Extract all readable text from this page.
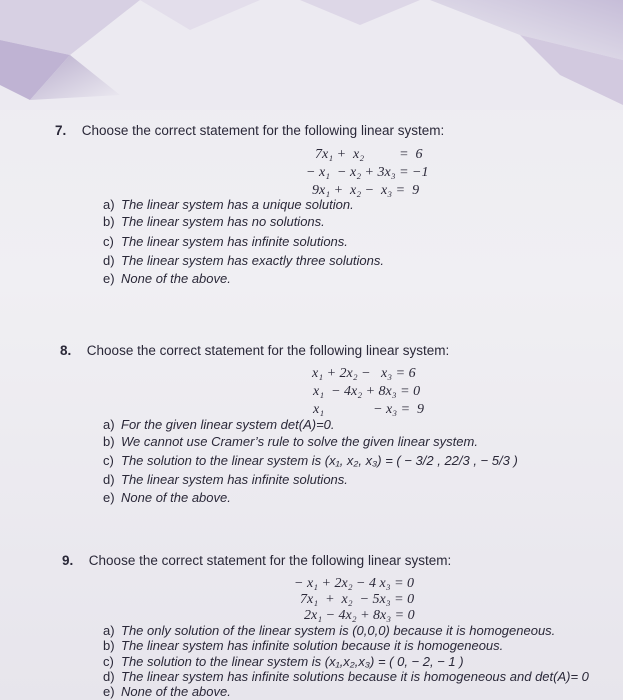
7. Choose the correct statement for the following linear system:
7x₁ +  x₂          =  6
− x₁  − x₂ + 3x₃ = −1
9x₁ +  x₂ −  x₃ =  9
a) The linear system has a unique solution.
b) The linear system has no solutions.
c) The linear system has infinite solutions.
d) The linear system has exactly three solutions.
e) None of the above.
8. Choose the correct statement for the following linear system:
x₁ + 2x₂ −   x₃ = 6
x₁  − 4x₂ + 8x₃ = 0
x₁              − x₃ =  9
a) For the given linear system det(A)=0.
b) We cannot use Cramer’s rule to solve the given linear system.
c) The solution to the linear system is (x₁, x₂, x₃) = ( − 3/2 , 22/3 , − 5/3 )
d) The linear system has infinite solutions.
e) None of the above.
9. Choose the correct statement for the following linear system:
− x₁ + 2x₂ − 4 x₃ = 0
7x₁  +  x₂  − 5x₃ = 0
2x₁ − 4x₂ + 8x₃ = 0
a) The only solution of the linear system is (0,0,0) because it is homogeneous.
b) The linear system has infinite solution because it is homogeneous.
c) The solution to the linear system is (x₁,x₂,x₃) = ( 0, − 2, − 1 )
d) The linear system has infinite solutions because it is homogeneous and det(A)= 0
e) None of the above.
